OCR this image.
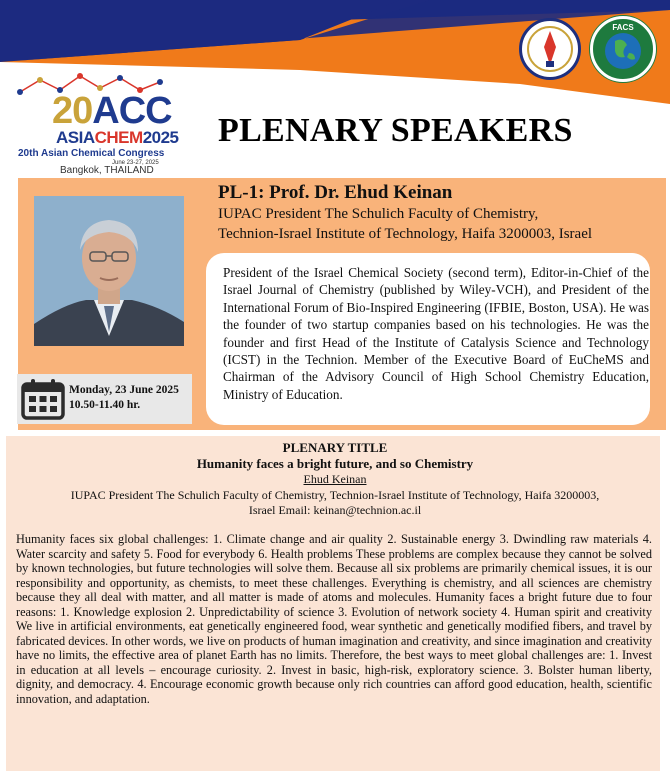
20ACC
ASIACHEM2025
20th Asian Chemical Congress
June 23-27, 2025
Bangkok, THAILAND
FACS
PLENARY SPEAKERS
Monday, 23 June 2025
10.50-11.40 hr.
PL-1: Prof. Dr. Ehud Keinan
IUPAC President The Schulich Faculty of Chemistry,
Technion-Israel Institute of Technology, Haifa 3200003, Israel
President of the Israel Chemical Society (second term), Editor-in-Chief of the Israel Journal of Chemistry (published by Wiley-VCH), and President of the International Forum of Bio-Inspired Engineering (IFBIE, Boston, USA). He was the founder of two startup companies based on his technologies. He was the founder and first Head of the Institute of Catalysis Science and Technology (ICST) in the Technion. Member of the Executive Board of EuCheMS and Chairman of the Advisory Council of High School Chemistry Education, Ministry of Education.
PLENARY TITLE
Humanity faces a bright future, and so Chemistry
Ehud Keinan
IUPAC President The Schulich Faculty of Chemistry, Technion-Israel Institute of Technology, Haifa 3200003,
Israel Email: keinan@technion.ac.il
Humanity faces six global challenges: 1. Climate change and air quality 2. Sustainable energy 3. Dwindling raw materials 4. Water scarcity and safety 5. Food for everybody 6. Health problems These problems are complex because they cannot be solved by known technologies, but future technologies will solve them. Because all six problems are primarily chemical issues, it is our responsibility and opportunity, as chemists, to meet these challenges. Everything is chemistry, and all sciences are chemistry because they all deal with matter, and all matter is made of atoms and molecules. Humanity faces a bright future due to four reasons: 1. Knowledge explosion 2. Unpredictability of science 3. Evolution of network society 4. Human spirit and creativity We live in artificial environments, eat genetically engineered food, wear synthetic and genetically modified fibers, and travel by fabricated devices. In other words, we live on products of human imagination and creativity, and since imagination and creativity have no limits, the effective area of planet Earth has no limits. Therefore, the best ways to meet global challenges are: 1. Invest in education at all levels – encourage curiosity. 2. Invest in basic, high-risk, exploratory science. 3. Bolster human liberty, dignity, and democracy. 4. Encourage economic growth because only rich countries can afford good education, health, scientific innovation, and adaptation.
